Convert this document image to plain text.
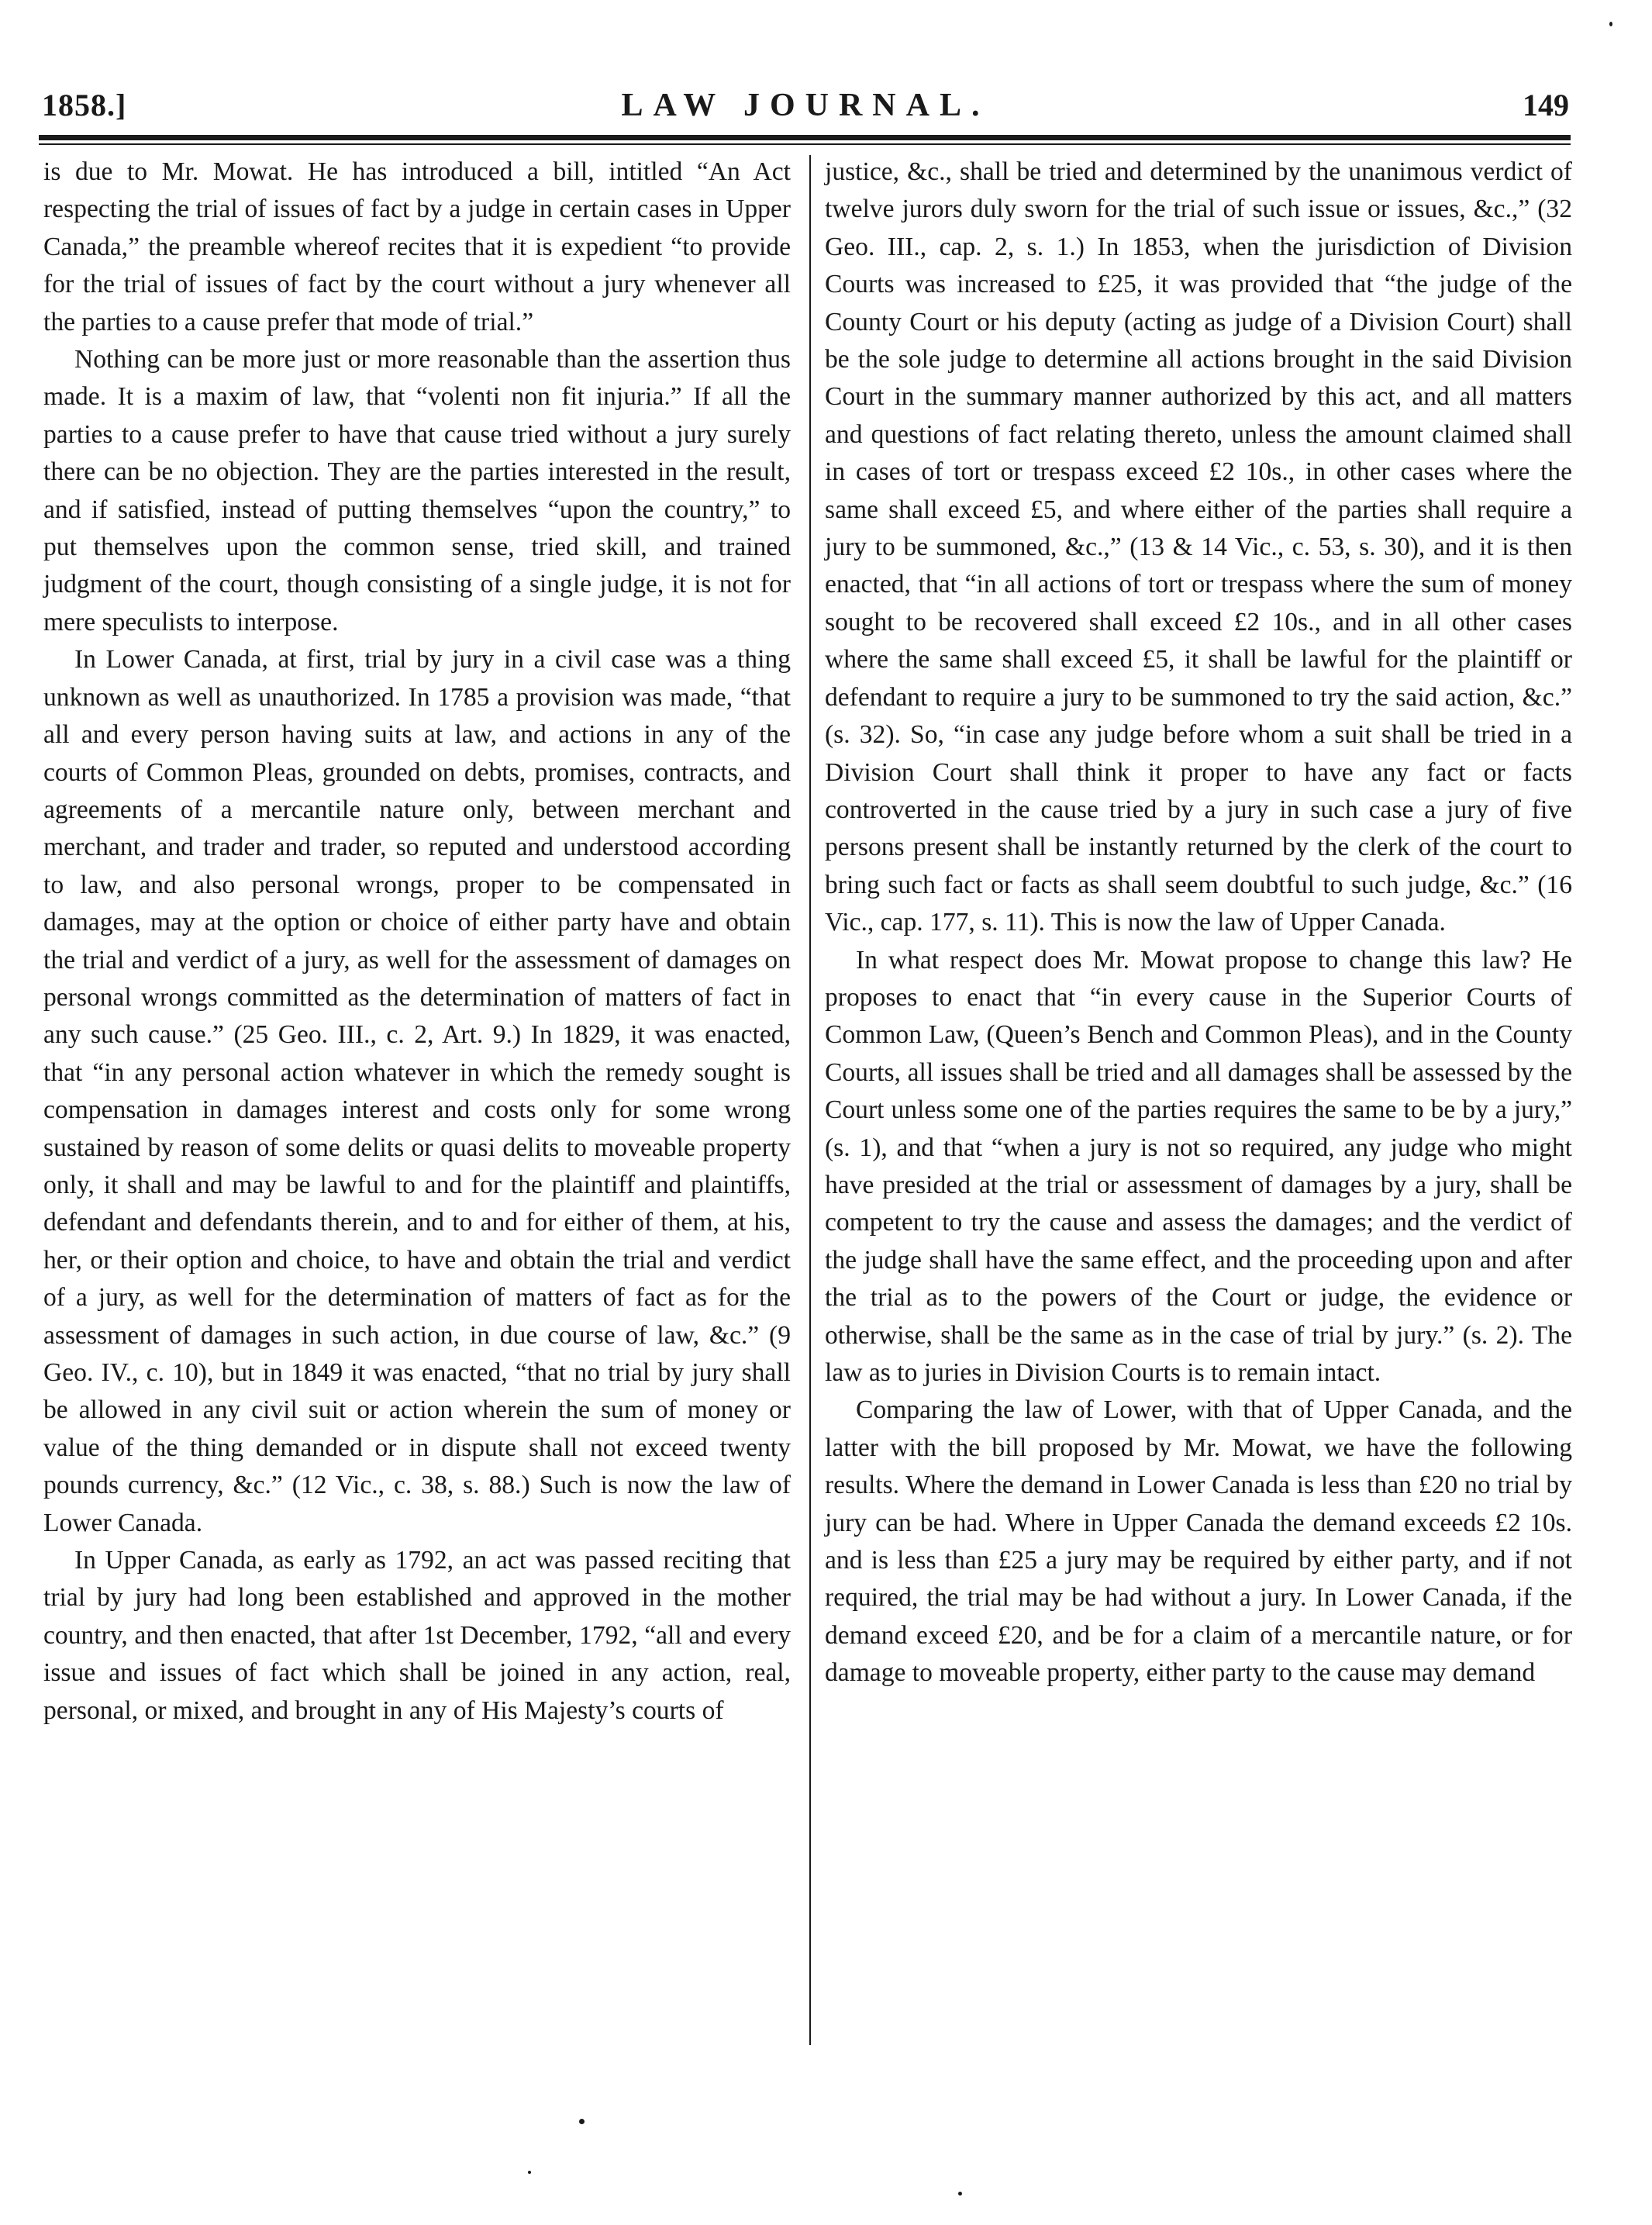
1858.]	LAW JOURNAL.	149

is due to Mr. Mowat. He has introduced a bill, intitled “An Act respecting the trial of issues of fact by a judge in certain cases in Upper Canada,” the preamble whereof recites that it is expedient “to provide for the trial of issues of fact by the court without a jury whenever all the parties to a cause prefer that mode of trial.”

Nothing can be more just or more reasonable than the assertion thus made. It is a maxim of law, that “volenti non fit injuria.” If all the parties to a cause prefer to have that cause tried without a jury surely there can be no objection. They are the parties interested in the result, and if satisfied, instead of putting themselves “upon the country,” to put themselves upon the common sense, tried skill, and trained judgment of the court, though consisting of a single judge, it is not for mere speculists to interpose.

In Lower Canada, at first, trial by jury in a civil case was a thing unknown as well as unauthorized. In 1785 a provision was made, “that all and every person having suits at law, and actions in any of the courts of Common Pleas, grounded on debts, promises, contracts, and agreements of a mercantile nature only, between merchant and merchant, and trader and trader, so reputed and understood according to law, and also personal wrongs, proper to be compensated in damages, may at the option or choice of either party have and obtain the trial and verdict of a jury, as well for the assessment of damages on personal wrongs committed as the determination of matters of fact in any such cause.” (25 Geo. III., c. 2, Art. 9.) In 1829, it was enacted, that “in any personal action whatever in which the remedy sought is compensation in damages interest and costs only for some wrong sustained by reason of some delits or quasi delits to moveable property only, it shall and may be lawful to and for the plaintiff and plaintiffs, defendant and defendants therein, and to and for either of them, at his, her, or their option and choice, to have and obtain the trial and verdict of a jury, as well for the determination of matters of fact as for the assessment of damages in such action, in due course of law, &c.” (9 Geo. IV., c. 10), but in 1849 it was enacted, “that no trial by jury shall be allowed in any civil suit or action wherein the sum of money or value of the thing demanded or in dispute shall not exceed twenty pounds currency, &c.” (12 Vic., c. 38, s. 88.) Such is now the law of Lower Canada.

In Upper Canada, as early as 1792, an act was passed reciting that trial by jury had long been established and approved in the mother country, and then enacted, that after 1st December, 1792, “all and every issue and issues of fact which shall be joined in any action, real, personal, or mixed, and brought in any of His Majesty’s courts of

justice, &c., shall be tried and determined by the unanimous verdict of twelve jurors duly sworn for the trial of such issue or issues, &c.,” (32 Geo. III., cap. 2, s. 1.) In 1853, when the jurisdiction of Division Courts was increased to £25, it was provided that “the judge of the County Court or his deputy (acting as judge of a Division Court) shall be the sole judge to determine all actions brought in the said Division Court in the summary manner authorized by this act, and all matters and questions of fact relating thereto, unless the amount claimed shall in cases of tort or trespass exceed £2 10s., in other cases where the same shall exceed £5, and where either of the parties shall require a jury to be summoned, &c.,” (13 & 14 Vic., c. 53, s. 30), and it is then enacted, that “in all actions of tort or trespass where the sum of money sought to be recovered shall exceed £2 10s., and in all other cases where the same shall exceed £5, it shall be lawful for the plaintiff or defendant to require a jury to be summoned to try the said action, &c.” (s. 32). So, “in case any judge before whom a suit shall be tried in a Division Court shall think it proper to have any fact or facts controverted in the cause tried by a jury in such case a jury of five persons present shall be instantly returned by the clerk of the court to bring such fact or facts as shall seem doubtful to such judge, &c.” (16 Vic., cap. 177, s. 11). This is now the law of Upper Canada.

In what respect does Mr. Mowat propose to change this law? He proposes to enact that “in every cause in the Superior Courts of Common Law, (Queen’s Bench and Common Pleas), and in the County Courts, all issues shall be tried and all damages shall be assessed by the Court unless some one of the parties requires the same to be by a jury,” (s. 1), and that “when a jury is not so required, any judge who might have presided at the trial or assessment of damages by a jury, shall be competent to try the cause and assess the damages; and the verdict of the judge shall have the same effect, and the proceeding upon and after the trial as to the powers of the Court or judge, the evidence or otherwise, shall be the same as in the case of trial by jury.” (s. 2). The law as to juries in Division Courts is to remain intact.

Comparing the law of Lower, with that of Upper Canada, and the latter with the bill proposed by Mr. Mowat, we have the following results. Where the demand in Lower Canada is less than £20 no trial by jury can be had. Where in Upper Canada the demand exceeds £2 10s. and is less than £25 a jury may be required by either party, and if not required, the trial may be had without a jury. In Lower Canada, if the demand exceed £20, and be for a claim of a mercantile nature, or for damage to moveable property, either party to the cause may demand
